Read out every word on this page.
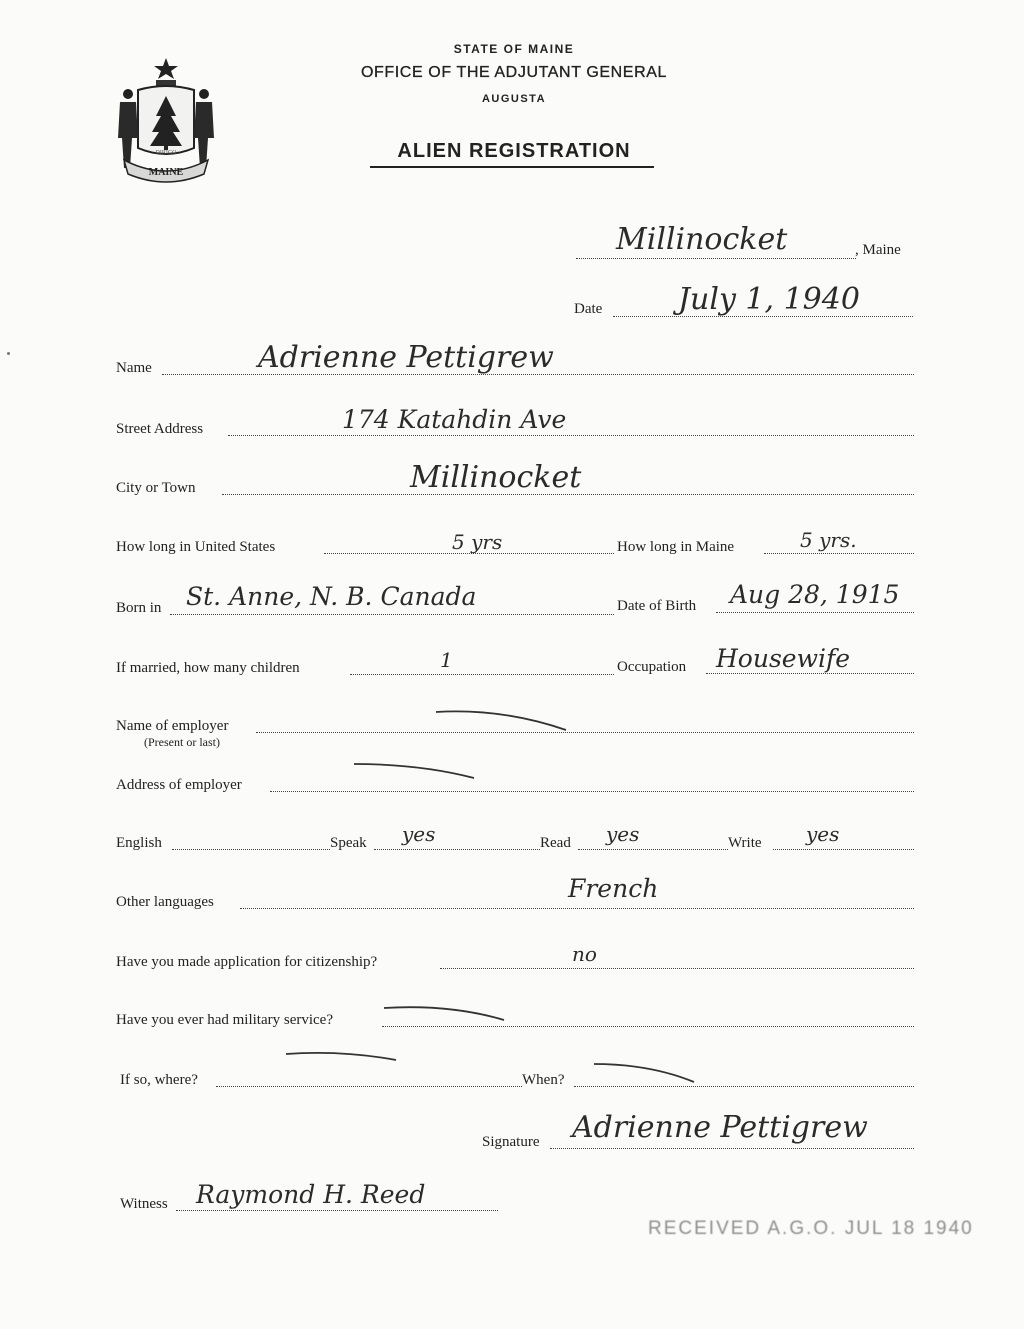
MAINE
DIRIGO
STATE OF MAINE
OFFICE OF THE ADJUTANT GENERAL
AUGUSTA
ALIEN REGISTRATION
Millinocket	, Maine
Date	July 1, 1940
Name	Adrienne Pettigrew
Street Address	174 Katahdin Ave
City or Town	Millinocket
How long in United States	5 yrs	How long in Maine	5 yrs.
Born in St. Anne, N. B. Canada	Date of Birth Aug 28, 1915
If married, how many children	1	Occupation Housewife
Name of employer
(Present or last)
Address of employer
English	Speak yes	Read yes	Write yes
Other languages	French
Have you made application for citizenship?	no
Have you ever had military service?
If so, where?	When?
Signature Adrienne Pettigrew
Witness Raymond H. Reed
RECEIVED A.G.O. JUL 18 1940
